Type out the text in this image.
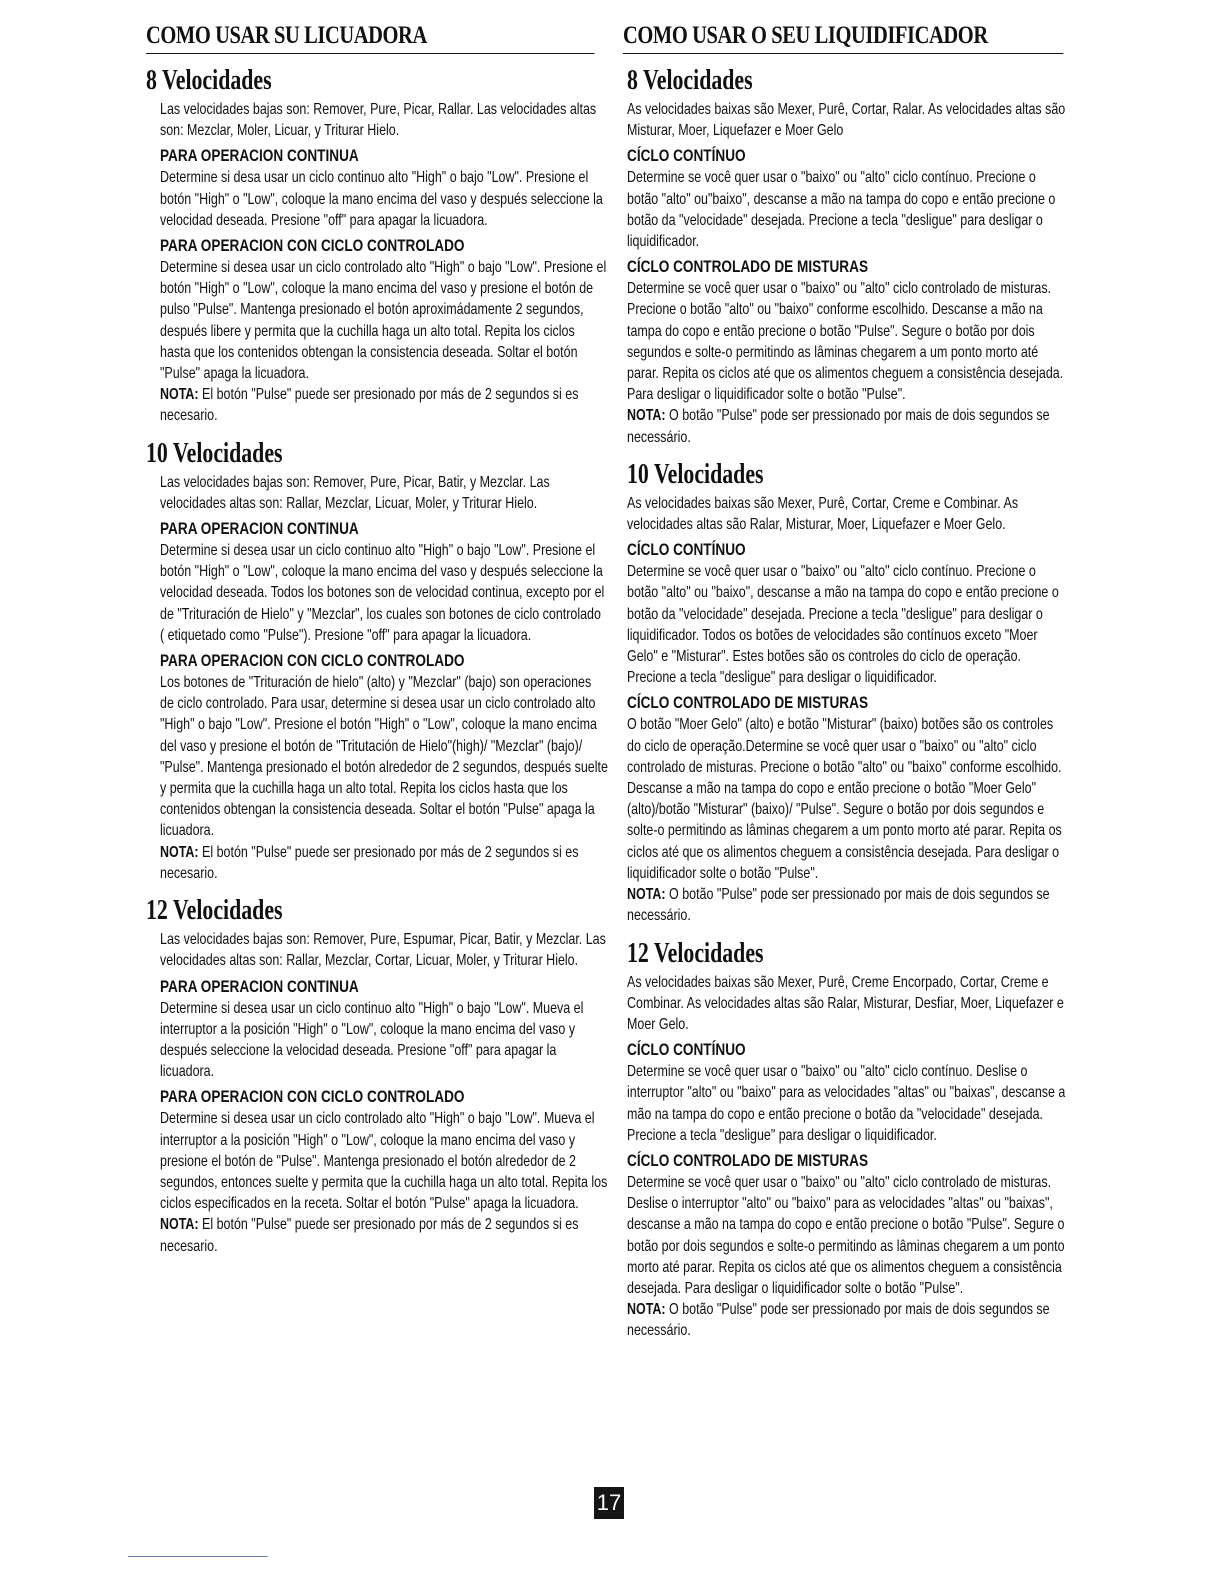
COMO USAR SU LICUADORA
8 Velocidades

Las velocidades bajas son: Remover, Pure, Picar, Rallar. Las velocidades altas son: Mezclar, Moler, Licuar, y Triturar Hielo.

PARA OPERACION CONTINUA

Determine si desa usar un ciclo continuo alto "High" o bajo "Low". Presione el botón "High" o "Low", coloque la mano encima del vaso y después seleccione la velocidad deseada. Presione "off" para apagar la licuadora.

PARA OPERACION CON CICLO CONTROLADO

Determine si desea usar un ciclo controlado alto "High" o bajo "Low". Presione el botón "High" o "Low", coloque la mano encima del vaso y presione el botón de pulso "Pulse". Mantenga presionado el botón aproximádamente 2 segundos, después libere y permita que la cuchilla haga un alto total. Repita los ciclos hasta que los contenidos obtengan la consistencia deseada. Soltar el botón "Pulse" apaga la licuadora.

NOTA: El botón "Pulse" puede ser presionado por más de 2 segundos si es necesario.

10 Velocidades

Las velocidades bajas son: Remover, Pure, Picar, Batir, y Mezclar. Las velocidades altas son: Rallar, Mezclar, Licuar, Moler, y Triturar Hielo.

PARA OPERACION CONTINUA

Determine si desea usar un ciclo continuo alto "High" o bajo "Low". Presione el botón "High" o "Low", coloque la mano encima del vaso y después seleccione la velocidad deseada. Todos los botones son de velocidad continua, excepto por el de "Trituración de Hielo" y "Mezclar", los cuales son botones de ciclo controlado ( etiquetado como "Pulse"). Presione "off" para apagar la licuadora.

PARA OPERACION CON CICLO CONTROLADO

Los botones de "Trituración de hielo" (alto) y "Mezclar" (bajo) son operaciones de ciclo controlado. Para usar, determine si desea usar un ciclo controlado alto "High" o bajo "Low". Presione el botón "High" o "Low", coloque la mano encima del vaso y presione el botón de "Tritutación de Hielo"(high)/ "Mezclar" (bajo)/ "Pulse". Mantenga presionado el botón alrededor de 2 segundos, después suelte y permita que la cuchilla haga un alto total. Repita los ciclos hasta que los contenidos obtengan la consistencia deseada. Soltar el botón "Pulse" apaga la licuadora.

NOTA: El botón "Pulse" puede ser presionado por más de 2 segundos si es necesario.

12 Velocidades

Las velocidades bajas son: Remover, Pure, Espumar, Picar, Batir, y Mezclar. Las velocidades altas son: Rallar, Mezclar, Cortar, Licuar, Moler, y Triturar Hielo.

PARA OPERACION CONTINUA

Determine si desea usar un ciclo continuo alto "High" o bajo "Low". Mueva el interruptor a la posición "High" o "Low", coloque la mano encima del vaso y después seleccione la velocidad deseada. Presione "off" para apagar la licuadora.

PARA OPERACION CON CICLO CONTROLADO

Determine si desea usar un ciclo controlado alto "High" o bajo "Low". Mueva el interruptor a la posición "High" o "Low", coloque la mano encima del vaso y presione el botón de "Pulse". Mantenga presionado el botón alrededor de 2 segundos, entonces suelte y permita que la cuchilla haga un alto total. Repita los ciclos especificados en la receta. Soltar el botón "Pulse" apaga la licuadora.

NOTA: El botón "Pulse" puede ser presionado por más de 2 segundos si es necesario.

COMO USAR O SEU LIQUIDIFICADOR
8 Velocidades

As velocidades baixas são Mexer, Purê, Cortar, Ralar. As velocidades altas são Misturar, Moer, Liquefazer e Moer Gelo

CÍCLO CONTÍNUO

Determine se você quer usar o "baixo" ou "alto" ciclo contínuo. Precione o botão "alto" ou"baixo", descanse a mão na tampa do copo e então precione o botão da "velocidade" desejada. Precione a tecla "desligue" para desligar o liquidificador.

CÍCLO CONTROLADO DE MISTURAS

Determine se você quer usar o "baixo" ou "alto" ciclo controlado de misturas. Precione o botão "alto" ou "baixo" conforme escolhido. Descanse a mão na tampa do copo e então precione o botão "Pulse". Segure o botão por dois segundos e solte-o permitindo as lâminas chegarem a um ponto morto até parar. Repita os ciclos até que os alimentos cheguem a consistência desejada. Para desligar o liquidificador solte o botão "Pulse".

NOTA: O botão "Pulse" pode ser pressionado por mais de dois segundos se necessário.

10 Velocidades

As velocidades baixas são Mexer, Purê, Cortar, Creme e Combinar. As velocidades altas são Ralar, Misturar, Moer, Liquefazer e Moer Gelo.

CÍCLO CONTÍNUO

Determine se você quer usar o "baixo" ou "alto" ciclo contínuo. Precione o botão "alto" ou "baixo", descanse a mão na tampa do copo e então precione o botão da "velocidade" desejada. Precione a tecla "desligue" para desligar o liquidificador. Todos os botões de velocidades são contínuos exceto "Moer Gelo" e "Misturar". Estes botões são os controles do ciclo de operação. Precione a tecla "desligue" para desligar o liquidificador.

CÍCLO CONTROLADO DE MISTURAS

O botão "Moer Gelo" (alto) e botão "Misturar" (baixo) botões são os controles do ciclo de operação.Determine se você quer usar o "baixo" ou "alto" ciclo controlado de misturas. Precione o botão "alto" ou "baixo" conforme escolhido. Descanse a mão na tampa do copo e então precione o botão "Moer Gelo" (alto)/botão "Misturar" (baixo)/ "Pulse". Segure o botão por dois segundos e solte-o permitindo as lâminas chegarem a um ponto morto até parar. Repita os ciclos até que os alimentos cheguem a consistência desejada. Para desligar o liquidificador solte o botão "Pulse".

NOTA: O botão "Pulse" pode ser pressionado por mais de dois segundos se necessário.

12 Velocidades

As velocidades baixas são Mexer, Purê, Creme Encorpado, Cortar, Creme e Combinar. As velocidades altas são Ralar, Misturar, Desfiar, Moer, Liquefazer e Moer Gelo.

CÍCLO CONTÍNUO

Determine se você quer usar o "baixo" ou "alto" ciclo contínuo. Deslise o interruptor "alto" ou "baixo" para as velocidades "altas" ou "baixas", descanse a mão na tampa do copo e então precione o botão da "velocidade" desejada. Precione a tecla "desligue" para desligar o liquidificador.

CÍCLO CONTROLADO DE MISTURAS

Determine se você quer usar o "baixo" ou "alto" ciclo controlado de misturas. Deslise o interruptor "alto" ou "baixo" para as velocidades "altas" ou "baixas", descanse a mão na tampa do copo e então precione o botão "Pulse". Segure o botão por dois segundos e solte-o permitindo as lâminas chegarem a um ponto morto até parar. Repita os ciclos até que os alimentos cheguem a consistência desejada. Para desligar o liquidificador solte o botão "Pulse".

NOTA: O botão "Pulse" pode ser pressionado por mais de dois segundos se necessário.

17
